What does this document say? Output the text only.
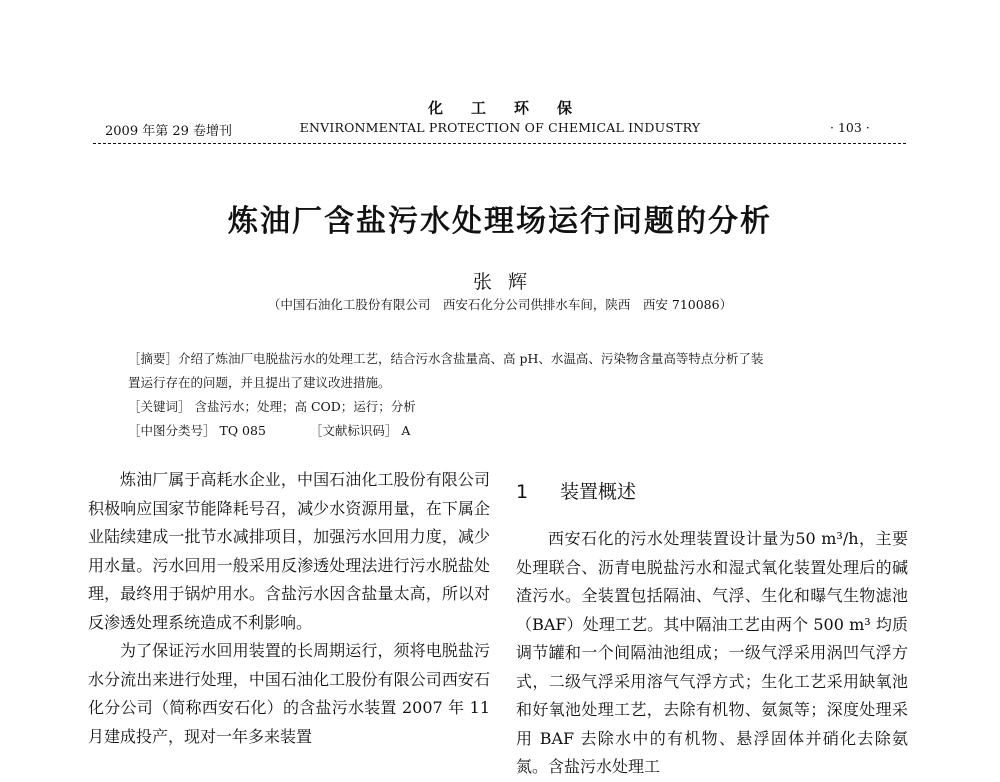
化工环保
2009 年第 29 卷增刊	ENVIRONMENTAL PROTECTION OF CHEMICAL INDUSTRY	· 103 ·
炼油厂含盐污水处理场运行问题的分析
张辉
（中国石油化工股份有限公司　西安石化分公司供排水车间，陕西　西安 710086）
［摘要］介绍了炼油厂电脱盐污水的处理工艺，结合污水含盐量高、高 pH、水温高、污染物含量高等特点分析了装
置运行存在的问题，并且提出了建议改进措施。
［关键词］ 含盐污水；处理；高 COD；运行；分析
［中图分类号］ TQ 085	［文献标识码］ A

炼油厂属于高耗水企业，中国石油化工股份有限公司积极响应国家节能降耗号召，减少水资源用量，在下属企业陆续建成一批节水减排项目，加强污水回用力度，减少用水量。污水回用一般采用反渗透处理法进行污水脱盐处理，最终用于锅炉用水。含盐污水因含盐量太高，所以对反渗透处理系统造成不利影响。

为了保证污水回用装置的长周期运行，须将电脱盐污水分流出来进行处理，中国石油化工股份有限公司西安石化分公司（简称西安石化）的含盐污水装置 2007 年 11 月建成投产，现对一年多来装置

1 装置概述

西安石化的污水处理装置设计量为50 m³/h，主要处理联合、沥青电脱盐污水和湿式氧化装置处理后的碱渣污水。全装置包括隔油、气浮、生化和曝气生物滤池（BAF）处理工艺。其中隔油工艺由两个 500 m³ 均质调节罐和一个间隔油池组成；一级气浮采用涡凹气浮方式，二级气浮采用溶气气浮方式；生化工艺采用缺氧池和好氧池处理工艺，去除有机物、氨氮等；深度处理采用 BAF 去除水中的有机物、悬浮固体并硝化去除氨氮。含盐污水处理工
